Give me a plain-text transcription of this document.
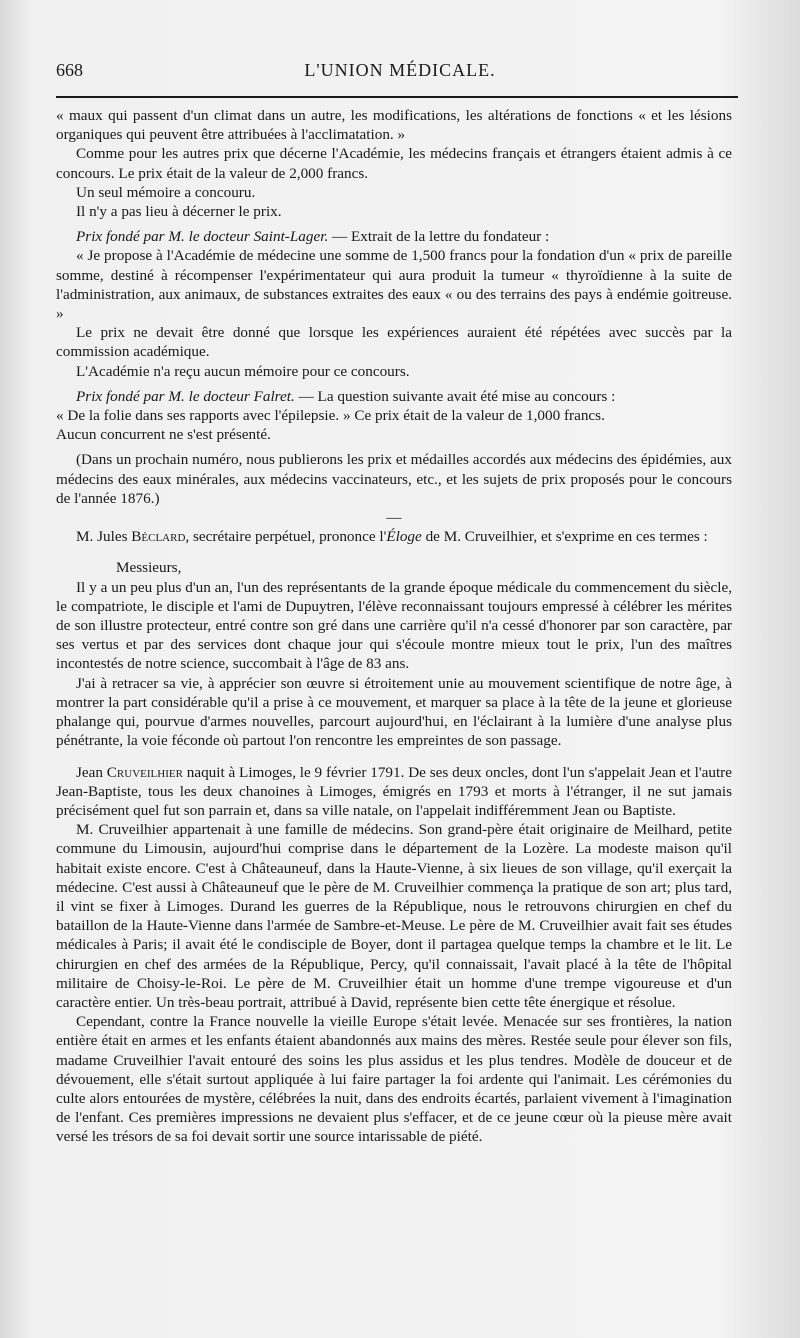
668	L'UNION MÉDICALE.

« maux qui passent d'un climat dans un autre, les modifications, les altérations de fonctions « et les lésions organiques qui peuvent être attribuées à l'acclimatation. »

Comme pour les autres prix que décerne l'Académie, les médecins français et étrangers étaient admis à ce concours. Le prix était de la valeur de 2,000 francs.

Un seul mémoire a concouru.

Il n'y a pas lieu à décerner le prix.

Prix fondé par M. le docteur Saint-Lager. — Extrait de la lettre du fondateur :

« Je propose à l'Académie de médecine une somme de 1,500 francs pour la fondation d'un « prix de pareille somme, destiné à récompenser l'expérimentateur qui aura produit la tumeur « thyroïdienne à la suite de l'administration, aux animaux, de substances extraites des eaux « ou des terrains des pays à endémie goitreuse. »

Le prix ne devait être donné que lorsque les expériences auraient été répétées avec succès par la commission académique.

L'Académie n'a reçu aucun mémoire pour ce concours.

Prix fondé par M. le docteur Falret. — La question suivante avait été mise au concours :

« De la folie dans ses rapports avec l'épilepsie. » Ce prix était de la valeur de 1,000 francs.

Aucun concurrent ne s'est présenté.

(Dans un prochain numéro, nous publierons les prix et médailles accordés aux médecins des épidémies, aux médecins des eaux minérales, aux médecins vaccinateurs, etc., et les sujets de prix proposés pour le concours de l'année 1876.)

—

M. Jules Béclard, secrétaire perpétuel, prononce l'Éloge de M. Cruveilhier, et s'exprime en ces termes :

Messieurs,

Il y a un peu plus d'un an, l'un des représentants de la grande époque médicale du commencement du siècle, le compatriote, le disciple et l'ami de Dupuytren, l'élève reconnaissant toujours empressé à célébrer les mérites de son illustre protecteur, entré contre son gré dans une carrière qu'il n'a cessé d'honorer par son caractère, par ses vertus et par des services dont chaque jour qui s'écoule montre mieux tout le prix, l'un des maîtres incontestés de notre science, succombait à l'âge de 83 ans.

J'ai à retracer sa vie, à apprécier son œuvre si étroitement unie au mouvement scientifique de notre âge, à montrer la part considérable qu'il a prise à ce mouvement, et marquer sa place à la tête de la jeune et glorieuse phalange qui, pourvue d'armes nouvelles, parcourt aujourd'hui, en l'éclairant à la lumière d'une analyse plus pénétrante, la voie féconde où partout l'on rencontre les empreintes de son passage.

Jean Cruveilhier naquit à Limoges, le 9 février 1791. De ses deux oncles, dont l'un s'appelait Jean et l'autre Jean-Baptiste, tous les deux chanoines à Limoges, émigrés en 1793 et morts à l'étranger, il ne sut jamais précisément quel fut son parrain et, dans sa ville natale, on l'appelait indifféremment Jean ou Baptiste.

M. Cruveilhier appartenait à une famille de médecins. Son grand-père était originaire de Meilhard, petite commune du Limousin, aujourd'hui comprise dans le département de la Lozère. La modeste maison qu'il habitait existe encore. C'est à Châteauneuf, dans la Haute-Vienne, à six lieues de son village, qu'il exerçait la médecine. C'est aussi à Châteauneuf que le père de M. Cruveilhier commença la pratique de son art; plus tard, il vint se fixer à Limoges. Durand les guerres de la République, nous le retrouvons chirurgien en chef du bataillon de la Haute-Vienne dans l'armée de Sambre-et-Meuse. Le père de M. Cruveilhier avait fait ses études médicales à Paris; il avait été le condisciple de Boyer, dont il partagea quelque temps la chambre et le lit. Le chirurgien en chef des armées de la République, Percy, qu'il connaissait, l'avait placé à la tête de l'hôpital militaire de Choisy-le-Roi. Le père de M. Cruveilhier était un homme d'une trempe vigoureuse et d'un caractère entier. Un très-beau portrait, attribué à David, représente bien cette tête énergique et résolue.

Cependant, contre la France nouvelle la vieille Europe s'était levée. Menacée sur ses frontières, la nation entière était en armes et les enfants étaient abandonnés aux mains des mères. Restée seule pour élever son fils, madame Cruveilhier l'avait entouré des soins les plus assidus et les plus tendres. Modèle de douceur et de dévouement, elle s'était surtout appliquée à lui faire partager la foi ardente qui l'animait. Les cérémonies du culte alors entourées de mystère, célébrées la nuit, dans des endroits écartés, parlaient vivement à l'imagination de l'enfant. Ces premières impressions ne devaient plus s'effacer, et de ce jeune cœur où la pieuse mère avait versé les trésors de sa foi devait sortir une source intarissable de piété.
